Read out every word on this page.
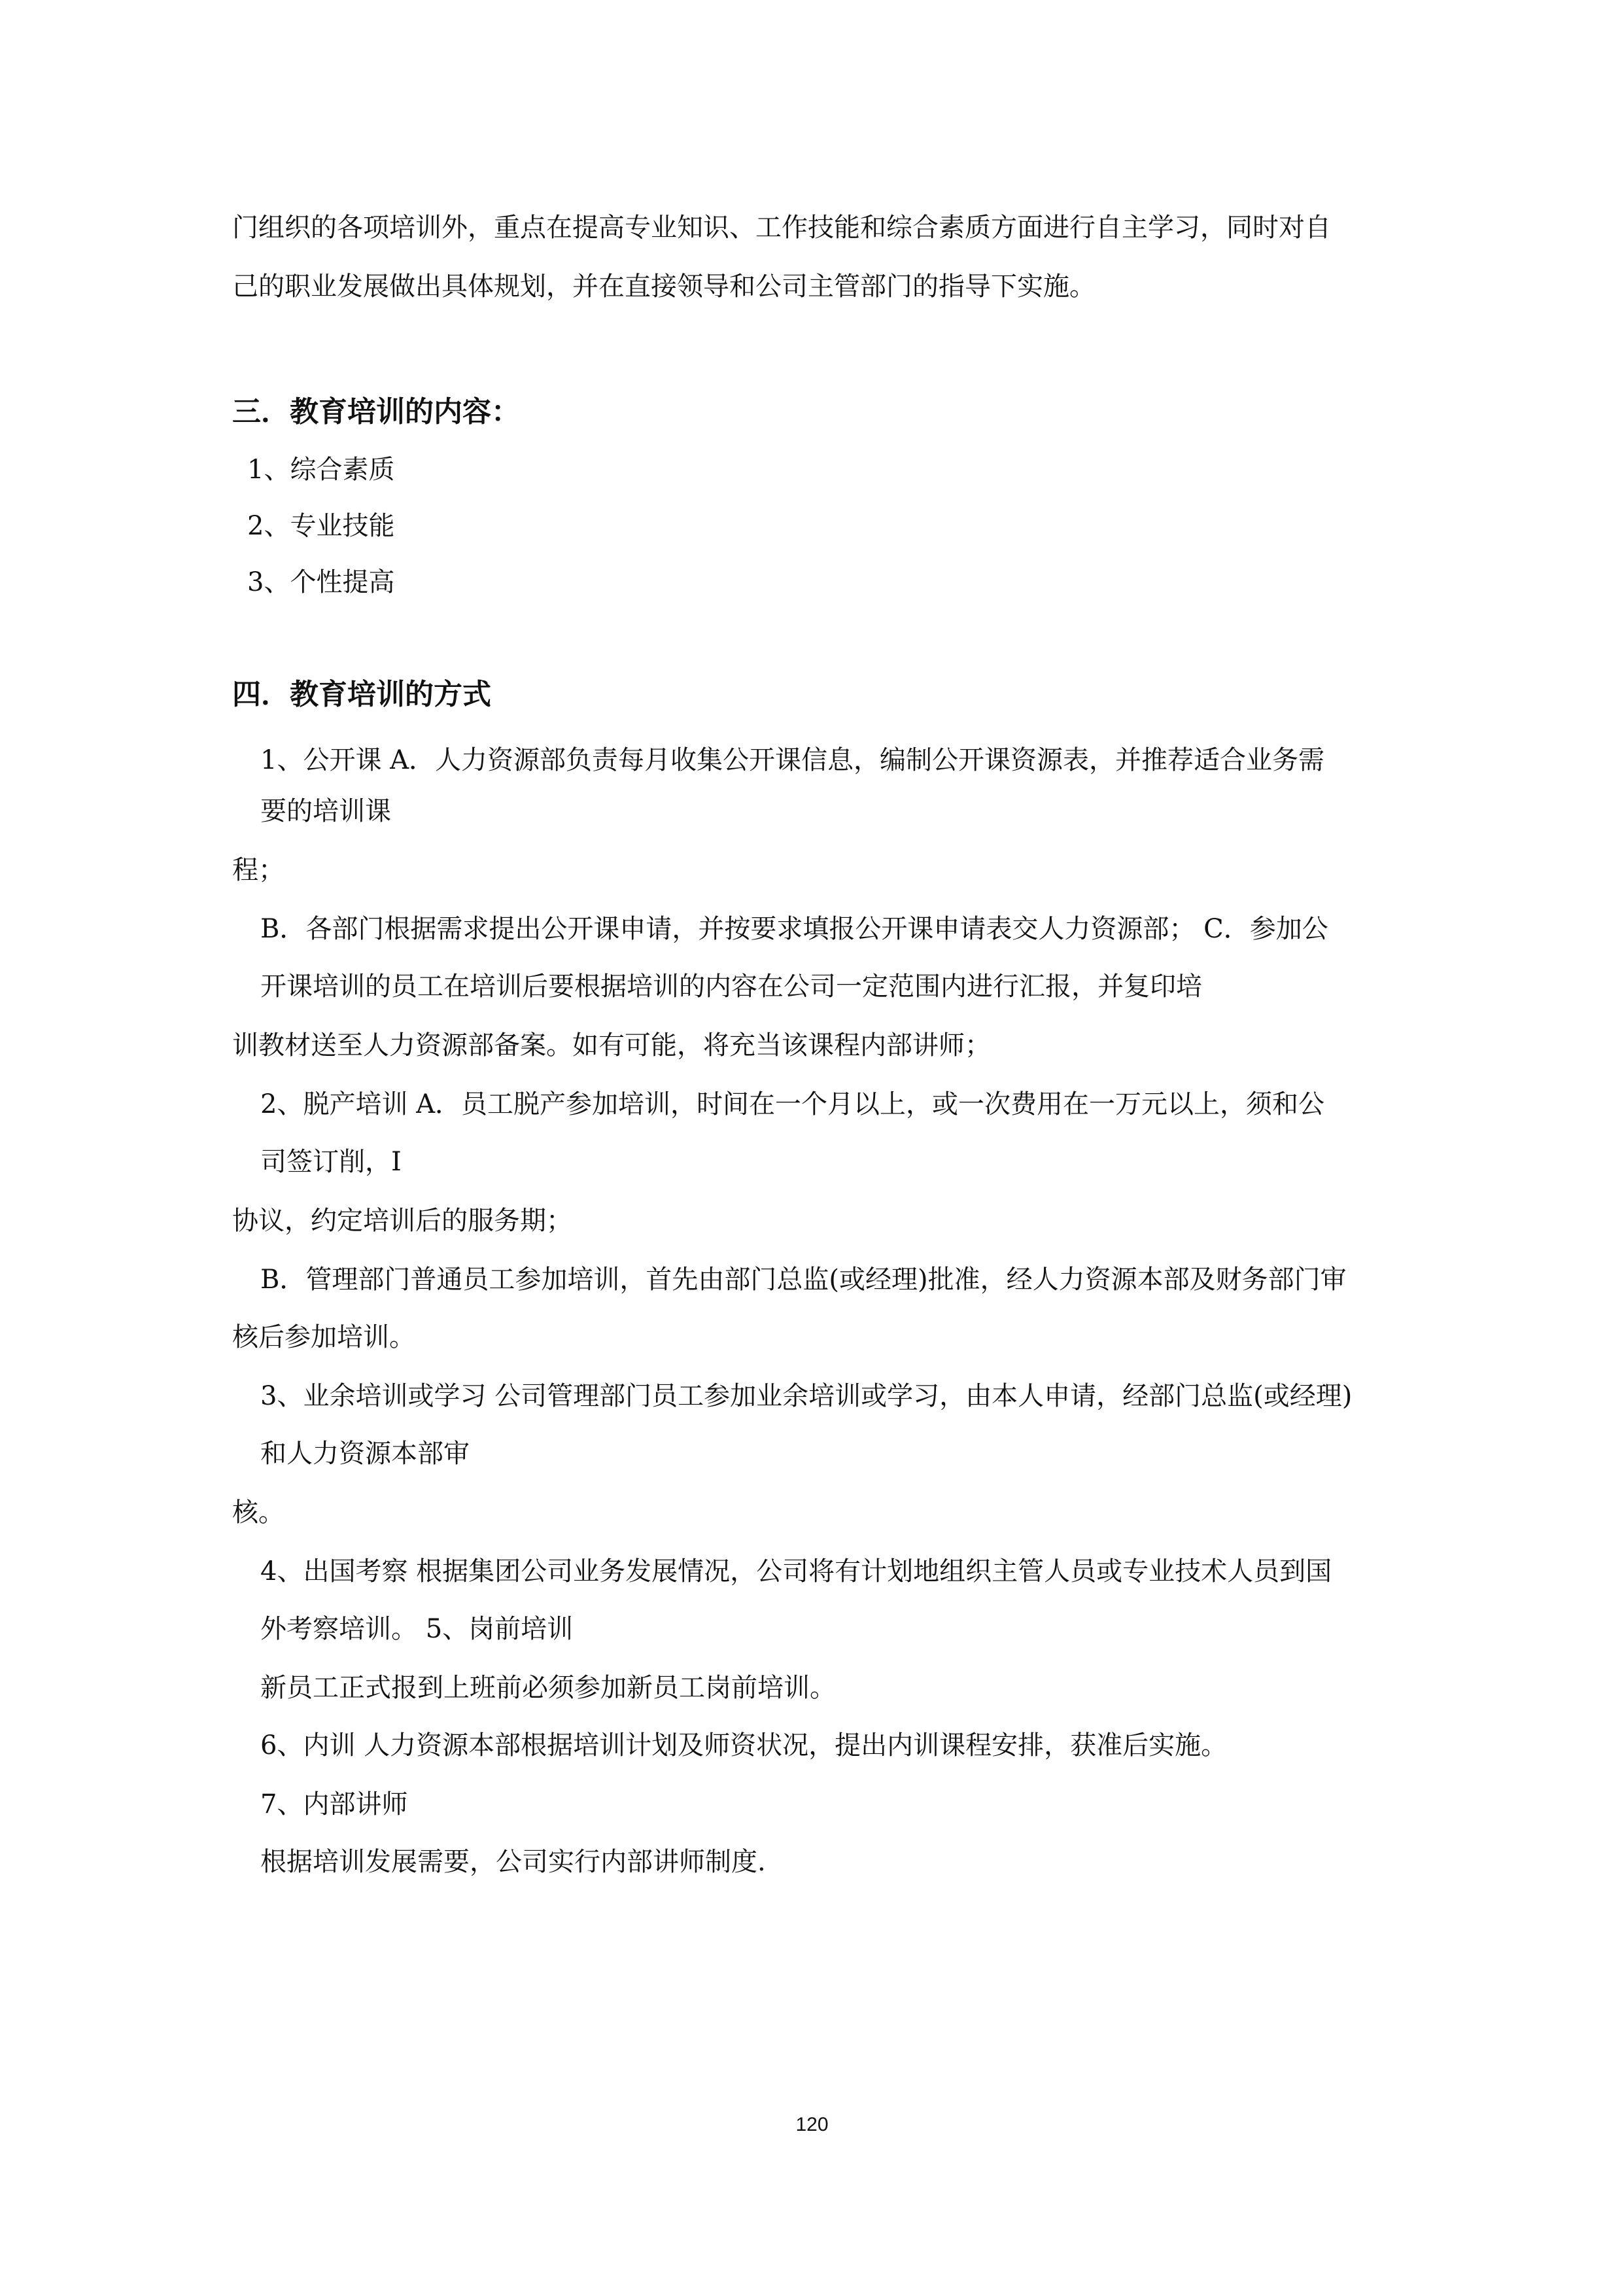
门组织的各项培训外，重点在提高专业知识、工作技能和综合素质方面进行自主学习，同时对自
己的职业发展做出具体规划，并在直接领导和公司主管部门的指导下实施。
三．教育培训的内容：
1、综合素质
2、专业技能
3、个性提高
四．教育培训的方式
1、公开课 A．人力资源部负责每月收集公开课信息，编制公开课资源表，并推荐适合业务需
要的培训课
程；
B．各部门根据需求提出公开课申请，并按要求填报公开课申请表交人力资源部； C．参加公
开课培训的员工在培训后要根据培训的内容在公司一定范围内进行汇报，并复印培
训教材送至人力资源部备案。如有可能，将充当该课程内部讲师；
2、脱产培训 A．员工脱产参加培训，时间在一个月以上，或一次费用在一万元以上，须和公
司签订削，I
协议，约定培训后的服务期；
B．管理部门普通员工参加培训，首先由部门总监(或经理)批准，经人力资源本部及财务部门审
核后参加培训。
3、业余培训或学习 公司管理部门员工参加业余培训或学习，由本人申请，经部门总监(或经理)
和人力资源本部审
核。
4、出国考察 根据集团公司业务发展情况，公司将有计划地组织主管人员或专业技术人员到国
外考察培训。 5、岗前培训
新员工正式报到上班前必须参加新员工岗前培训。
6、内训 人力资源本部根据培训计划及师资状况，提出内训课程安排，获准后实施。
7、内部讲师
根据培训发展需要，公司实行内部讲师制度.
120
